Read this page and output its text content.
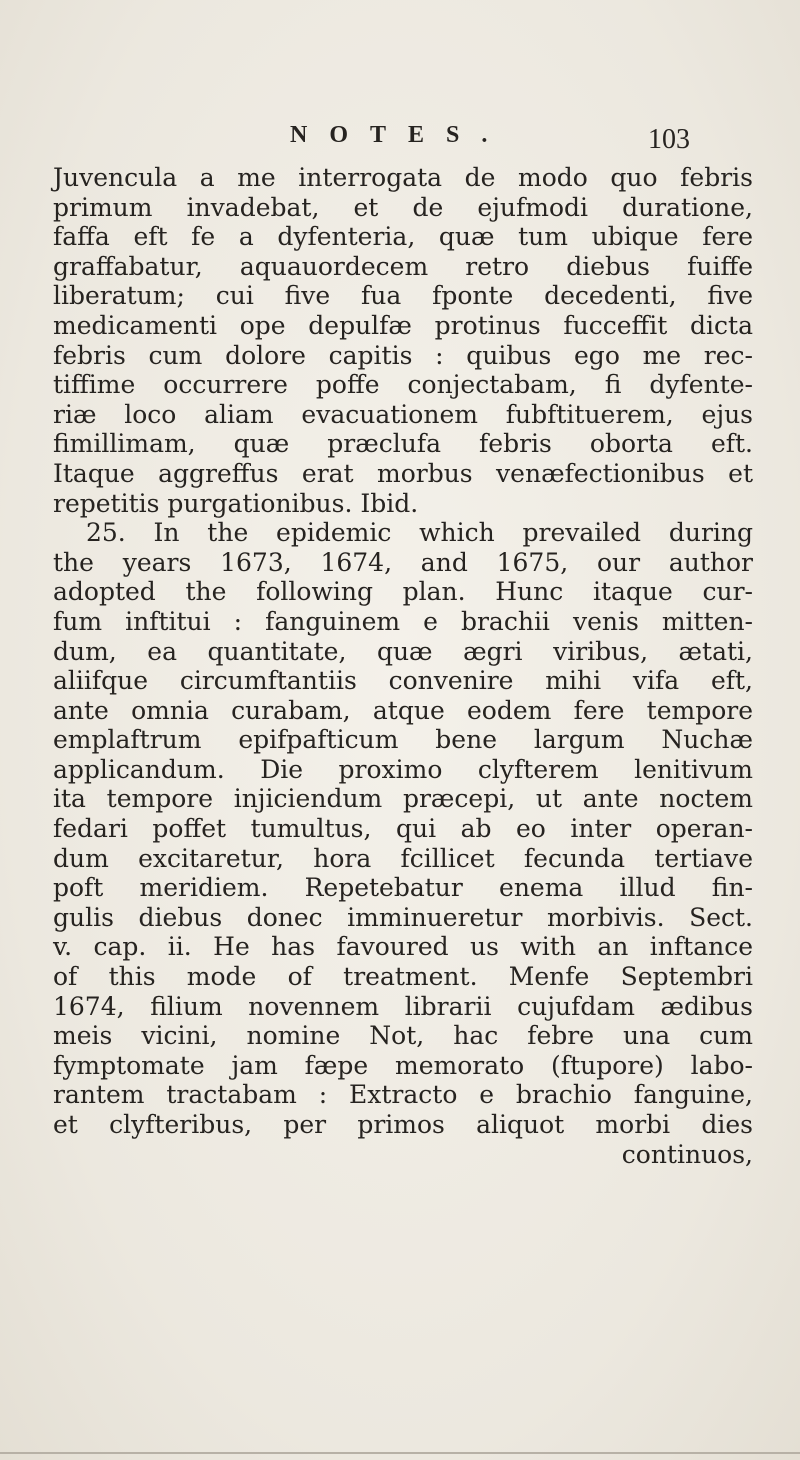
NOTES.	103
Juvencula a me interrogata de modo quo febris
primum invadebat, et de ejufmodi duratione,
faffa eft fe a dyfenteria, quæ tum ubique fere
graffabatur, aquauordecem retro diebus fuiffe
liberatum; cui five fua fponte decedenti, five
medicamenti ope depulfæ protinus fucceffit dicta
febris cum dolore capitis : quibus ego me rec-
tiffime occurrere poffe conjectabam, fi dyfente-
riæ loco aliam evacuationem fubftituerem, ejus
fimillimam, quæ præclufa febris oborta eft.
Itaque aggreffus erat morbus venæfectionibus et
repetitis purgationibus. Ibid.
25. In the epidemic which prevailed during
the years 1673, 1674, and 1675, our author
adopted the following plan. Hunc itaque cur-
fum inftitui : fanguinem e brachii venis mitten-
dum, ea quantitate, quæ ægri viribus, ætati,
aliifque circumftantiis convenire mihi vifa eft,
ante omnia curabam, atque eodem fere tempore
emplaftrum epifpafticum bene largum Nuchæ
applicandum. Die proximo clyfterem lenitivum
ita tempore injiciendum præcepi, ut ante noctem
fedari poffet tumultus, qui ab eo inter operan-
dum excitaretur, hora fcillicet fecunda tertiave
poft meridiem. Repetebatur enema illud fin-
gulis diebus donec imminueretur morbivis. Sect.
v. cap. ii. He has favoured us with an inftance
of this mode of treatment. Menfe Septembri
1674, filium novennem librarii cujufdam ædibus
meis vicini, nomine Not, hac febre una cum
fymptomate jam fæpe memorato (ftupore) labo-
rantem tractabam : Extracto e brachio fanguine,
et clyfteribus, per primos aliquot morbi dies
continuos,
